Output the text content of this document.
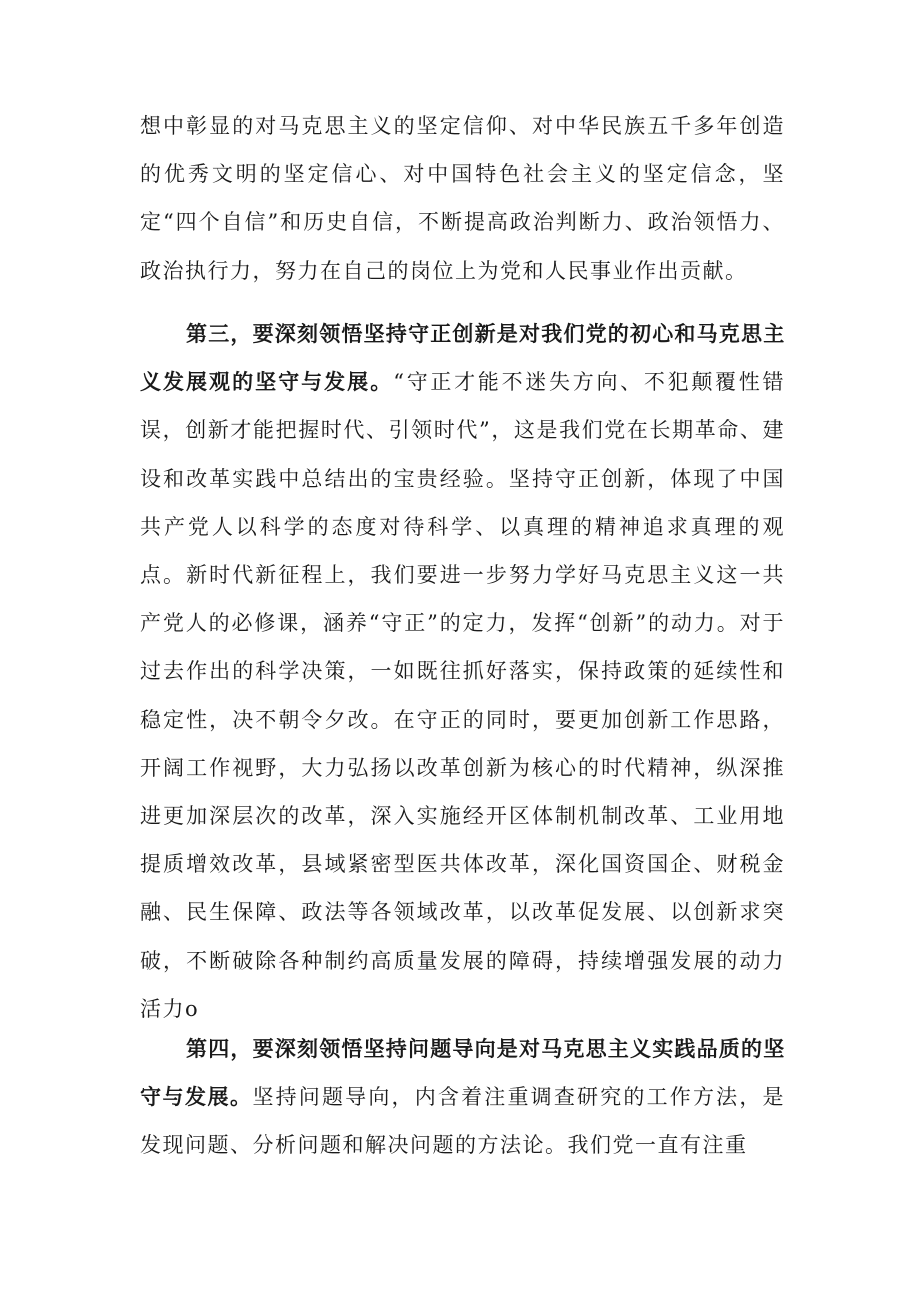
想中彰显的对马克思主义的坚定信仰、对中华民族五千多年创造的优秀文明的坚定信心、对中国特色社会主义的坚定信念，坚定“四个自信”和历史自信，不断提高政治判断力、政治领悟力、政治执行力，努力在自己的岗位上为党和人民事业作出贡献。

第三，要深刻领悟坚持守正创新是对我们党的初心和马克思主义发展观的坚守与发展。“守正才能不迷失方向、不犯颠覆性错误，创新才能把握时代、引领时代”，这是我们党在长期革命、建设和改革实践中总结出的宝贵经验。坚持守正创新，体现了中国共产党人以科学的态度对待科学、以真理的精神追求真理的观点。新时代新征程上，我们要进一步努力学好马克思主义这一共产党人的必修课，涵养“守正”的定力，发挥“创新”的动力。对于过去作出的科学决策，一如既往抓好落实，保持政策的延续性和稳定性，决不朝令夕改。在守正的同时，要更加创新工作思路，开阔工作视野，大力弘扬以改革创新为核心的时代精神，纵深推进更加深层次的改革，深入实施经开区体制机制改革、工业用地提质增效改革，县域紧密型医共体改革，深化国资国企、财税金融、民生保障、政法等各领域改革，以改革促发展、以创新求突破，不断破除各种制约高质量发展的障碍，持续增强发展的动力活力o

第四，要深刻领悟坚持问题导向是对马克思主义实践品质的坚守与发展。坚持问题导向，内含着注重调查研究的工作方法，是发现问题、分析问题和解决问题的方法论。我们党一直有注重
